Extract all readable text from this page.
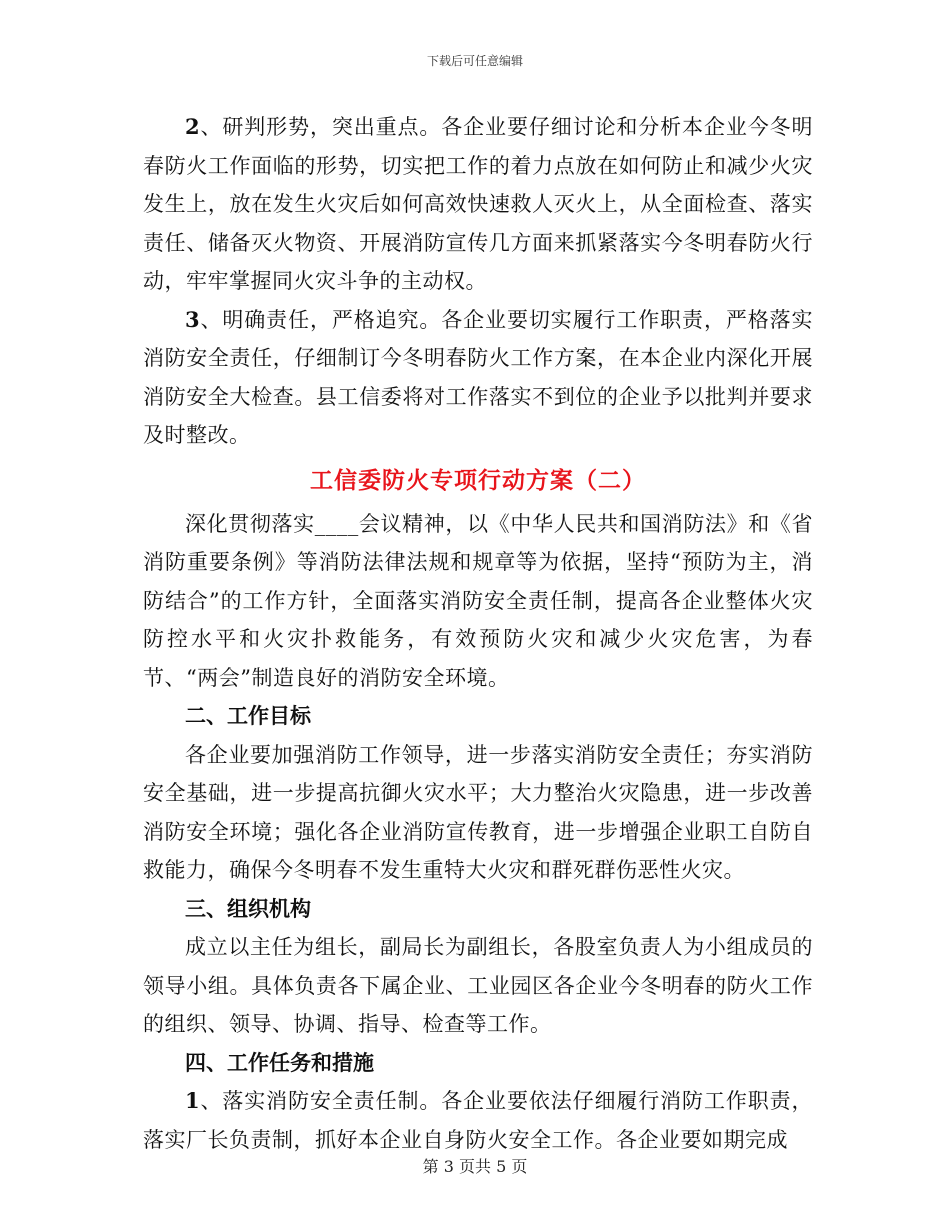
下载后可任意编辑

2、研判形势，突出重点。各企业要仔细讨论和分析本企业今冬明春防火工作面临的形势，切实把工作的着力点放在如何防止和减少火灾发生上，放在发生火灾后如何高效快速救人灭火上，从全面检查、落实责任、储备灭火物资、开展消防宣传几方面来抓紧落实今冬明春防火行动，牢牢掌握同火灾斗争的主动权。

3、明确责任，严格追究。各企业要切实履行工作职责，严格落实消防安全责任，仔细制订今冬明春防火工作方案，在本企业内深化开展消防安全大检查。县工信委将对工作落实不到位的企业予以批判并要求及时整改。

工信委防火专项行动方案（二）

深化贯彻落实____会议精神，以《中华人民共和国消防法》和《省消防重要条例》等消防法律法规和规章等为依据，坚持“预防为主，消防结合”的工作方针，全面落实消防安全责任制，提高各企业整体火灾防控水平和火灾扑救能务，有效预防火灾和减少火灾危害，为春节、“两会”制造良好的消防安全环境。

二、工作目标

各企业要加强消防工作领导，进一步落实消防安全责任；夯实消防安全基础，进一步提高抗御火灾水平；大力整治火灾隐患，进一步改善消防安全环境；强化各企业消防宣传教育，进一步增强企业职工自防自救能力，确保今冬明春不发生重特大火灾和群死群伤恶性火灾。

三、组织机构

成立以主任为组长，副局长为副组长，各股室负责人为小组成员的领导小组。具体负责各下属企业、工业园区各企业今冬明春的防火工作的组织、领导、协调、指导、检查等工作。

四、工作任务和措施

1、落实消防安全责任制。各企业要依法仔细履行消防工作职责，落实厂长负责制，抓好本企业自身防火安全工作。各企业要如期完成

第 3 页共 5 页
